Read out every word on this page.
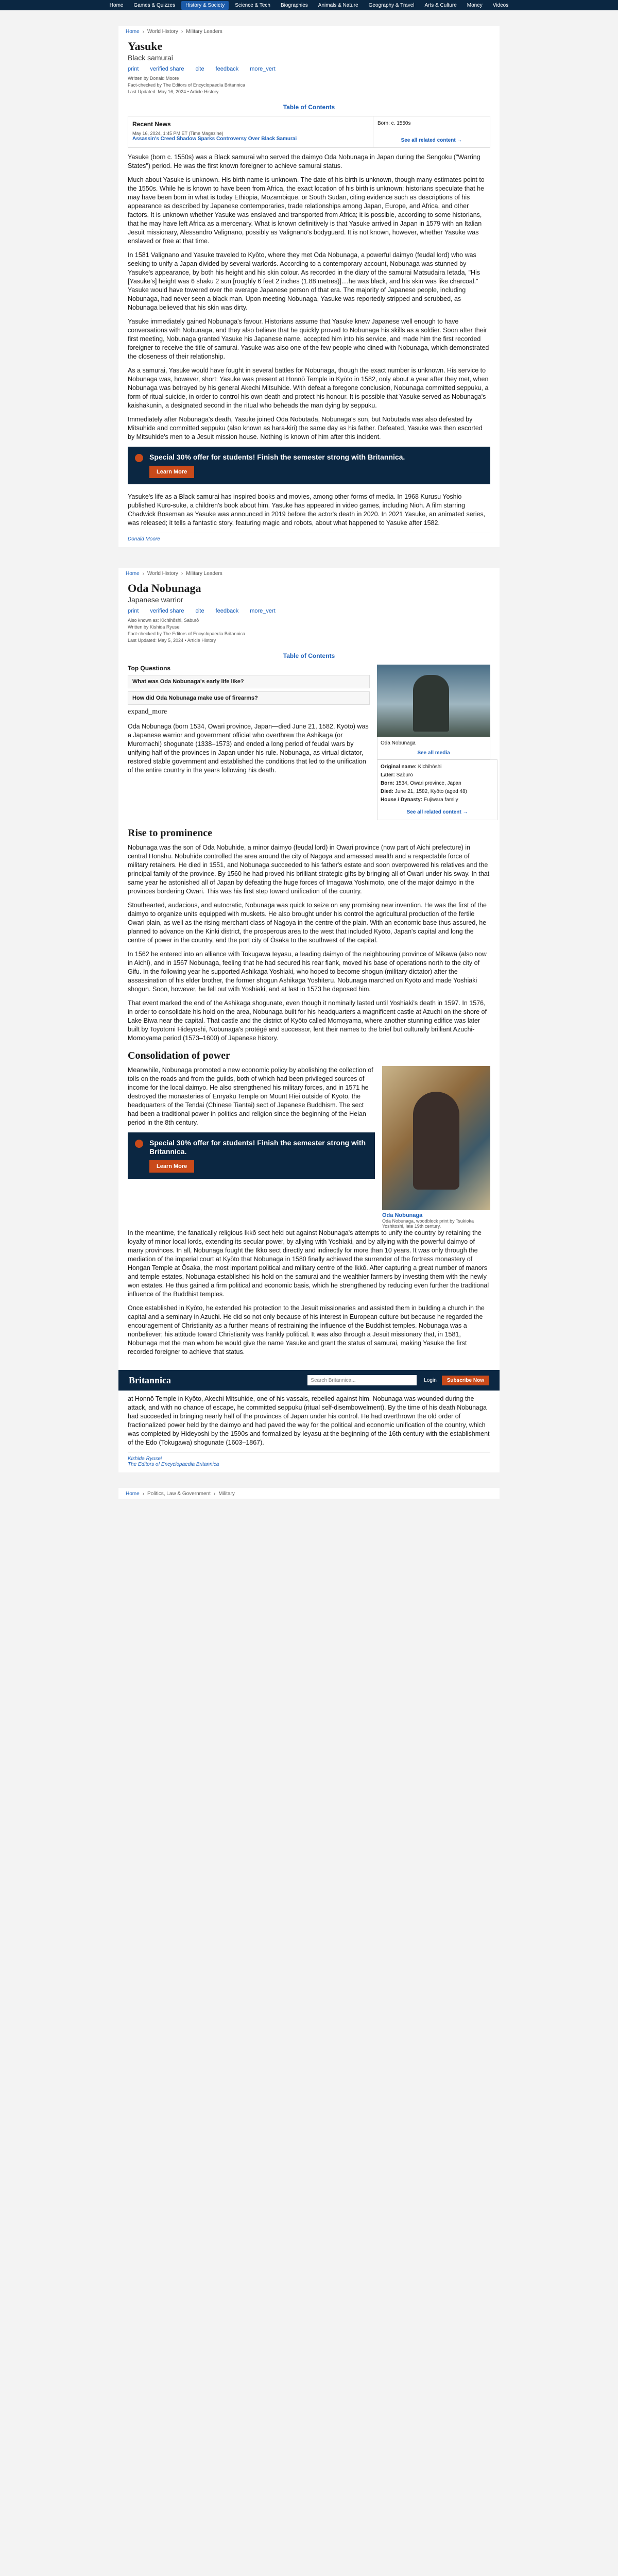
Home	Games & Quizzes	History & Society	Science & Tech	Biographies	Animals & Nature	Geography & Travel	Arts & Culture	Money	Videos
Home › World History › Military Leaders
Yasuke
Black samurai
print verified share cite feedback more_vert
Written by Donald Moore
Fact-checked by The Editors of Encyclopaedia Britannica
Last Updated: May 16, 2024 • Article History
Table of Contents
Recent News
May 16, 2024, 1:45 PM ET (Time Magazine)
Assassin's Creed Shadow Sparks Controversy Over Black Samurai
Born: c. 1550s
See all related content →

Yasuke (born c. 1550s) was a Black samurai who served the daimyo Oda Nobunaga in Japan during the Sengoku ("Warring States") period. He was the first known foreigner to achieve samurai status.

Much about Yasuke is unknown. His birth name is unknown. The date of his birth is unknown, though many estimates point to the 1550s. While he is known to have been from Africa, the exact location of his birth is unknown; historians speculate that he may have been born in what is today Ethiopia, Mozambique, or South Sudan, citing evidence such as descriptions of his appearance as described by Japanese contemporaries, trade relationships among Japan, Europe, and Africa, and other factors. It is unknown whether Yasuke was enslaved and transported from Africa; it is possible, according to some historians, that he may have left Africa as a mercenary. What is known definitively is that Yasuke arrived in Japan in 1579 with an Italian Jesuit missionary, Alessandro Valignano, possibly as Valignano's bodyguard. It is not known, however, whether Yasuke was enslaved or free at that time.

In 1581 Valignano and Yasuke traveled to Kyōto, where they met Oda Nobunaga, a powerful daimyo (feudal lord) who was seeking to unify a Japan divided by several warlords. According to a contemporary account, Nobunaga was stunned by Yasuke's appearance, by both his height and his skin colour. As recorded in the diary of the samurai Matsudaira Ietada, "His [Yasuke's] height was 6 shaku 2 sun [roughly 6 feet 2 inches (1.88 metres)]....he was black, and his skin was like charcoal." Yasuke would have towered over the average Japanese person of that era. The majority of Japanese people, including Nobunaga, had never seen a black man. Upon meeting Nobunaga, Yasuke was reportedly stripped and scrubbed, as Nobunaga believed that his skin was dirty.

Yasuke immediately gained Nobunaga's favour. Historians assume that Yasuke knew Japanese well enough to have conversations with Nobunaga, and they also believe that he quickly proved to Nobunaga his skills as a soldier. Soon after their first meeting, Nobunaga granted Yasuke his Japanese name, accepted him into his service, and made him the first recorded foreigner to receive the title of samurai. Yasuke was also one of the few people who dined with Nobunaga, which demonstrated the closeness of their relationship.

As a samurai, Yasuke would have fought in several battles for Nobunaga, though the exact number is unknown. His service to Nobunaga was, however, short: Yasuke was present at Honnō Temple in Kyōto in 1582, only about a year after they met, when Nobunaga was betrayed by his general Akechi Mitsuhide. With defeat a foregone conclusion, Nobunaga committed seppuku, a form of ritual suicide, in order to control his own death and protect his honour. It is possible that Yasuke served as Nobunaga's kaishakunin, a designated second in the ritual who beheads the man dying by seppuku.

Immediately after Nobunaga's death, Yasuke joined Oda Nobutada, Nobunaga's son, but Nobutada was also defeated by Mitsuhide and committed seppuku (also known as hara-kiri) the same day as his father. Defeated, Yasuke was then escorted by Mitsuhide's men to a Jesuit mission house. Nothing is known of him after this incident.

Special 30% offer for students! Finish the semester strong with Britannica.
Learn More

Yasuke's life as a Black samurai has inspired books and movies, among other forms of media. In 1968 Kurusu Yoshio published Kuro-suke, a children's book about him. Yasuke has appeared in video games, including Nioh. A film starring Chadwick Boseman as Yasuke was announced in 2019 before the actor's death in 2020. In 2021 Yasuke, an animated series, was released; it tells a fantastic story, featuring magic and robots, about what happened to Yasuke after 1582.

Donald Moore
Home › World History › Military Leaders
Oda Nobunaga
Japanese warrior
print verified share cite feedback more_vert
Also known as: Kichihōshi, Saburō
Written by Kishida Ryusei
Fact-checked by The Editors of Encyclopaedia Britannica
Last Updated: May 5, 2024 • Article History
Table of Contents
Top Questions
What was Oda Nobunaga's early life like?
How did Oda Nobunaga make use of firearms?
expand_more

Oda Nobunaga (born 1534, Owari province, Japan—died June 21, 1582, Kyōto) was a Japanese warrior and government official who overthrew the Ashikaga (or Muromachi) shogunate (1338–1573) and ended a long period of feudal wars by unifying half of the provinces in Japan under his rule. Nobunaga, as virtual dictator, restored stable government and established the conditions that led to the unification of the entire country in the years following his death.

Oda Nobunaga
See all media
Original name: Kichihōshi
Later: Saburō
Born: 1534, Owari province, Japan
Died: June 21, 1582, Kyōto (aged 48)
House / Dynasty: Fujiwara family
See all related content →
Rise to prominence

Nobunaga was the son of Oda Nobuhide, a minor daimyo (feudal lord) in Owari province (now part of Aichi prefecture) in central Honshu. Nobuhide controlled the area around the city of Nagoya and amassed wealth and a respectable force of military retainers. He died in 1551, and Nobunaga succeeded to his father's estate and soon overpowered his relatives and the principal family of the province. By 1560 he had proved his brilliant strategic gifts by bringing all of Owari under his sway. In that same year he astonished all of Japan by defeating the huge forces of Imagawa Yoshimoto, one of the major daimyo in the provinces bordering Owari. This was his first step toward unification of the country.

Stouthearted, audacious, and autocratic, Nobunaga was quick to seize on any promising new invention. He was the first of the daimyo to organize units equipped with muskets. He also brought under his control the agricultural production of the fertile Owari plain, as well as the rising merchant class of Nagoya in the centre of the plain. With an economic base thus assured, he planned to advance on the Kinki district, the prosperous area to the west that included Kyōto, Japan's capital and long the centre of power in the country, and the port city of Ōsaka to the southwest of the capital.

In 1562 he entered into an alliance with Tokugawa Ieyasu, a leading daimyo of the neighbouring province of Mikawa (also now in Aichi), and in 1567 Nobunaga, feeling that he had secured his rear flank, moved his base of operations north to the city of Gifu. In the following year he supported Ashikaga Yoshiaki, who hoped to become shogun (military dictator) after the assassination of his elder brother, the former shogun Ashikaga Yoshiteru. Nobunaga marched on Kyōto and made Yoshiaki shogun. Soon, however, he fell out with Yoshiaki, and at last in 1573 he deposed him.

That event marked the end of the Ashikaga shogunate, even though it nominally lasted until Yoshiaki's death in 1597. In 1576, in order to consolidate his hold on the area, Nobunaga built for his headquarters a magnificent castle at Azuchi on the shore of Lake Biwa near the capital. That castle and the district of Kyōto called Momoyama, where another stunning edifice was later built by Toyotomi Hideyoshi, Nobunaga's protégé and successor, lent their names to the brief but culturally brilliant Azuchi-Momoyama period (1573–1600) of Japanese history.

Consolidation of power

Meanwhile, Nobunaga promoted a new economic policy by abolishing the collection of tolls on the roads and from the guilds, both of which had been privileged sources of income for the local daimyo. He also strengthened his military forces, and in 1571 he destroyed the monasteries of Enryaku Temple on Mount Hiei outside of Kyōto, the headquarters of the Tendai (Chinese Tiantai) sect of Japanese Buddhism. The sect had been a traditional power in politics and religion since the beginning of the Heian period in the 8th century.

Special 30% offer for students! Finish the semester strong with Britannica.
Learn More
Oda Nobunaga
Oda Nobunaga, woodblock print by Tsukioka Yoshitoshi, late 19th century.

In the meantime, the fanatically religious Ikkō sect held out against Nobunaga's attempts to unify the country by retaining the loyalty of minor local lords, extending its secular power, by allying with Yoshiaki, and by allying with the powerful daimyo of many provinces. In all, Nobunaga fought the Ikkō sect directly and indirectly for more than 10 years. It was only through the mediation of the imperial court at Kyōto that Nobunaga in 1580 finally achieved the surrender of the fortress monastery of Hongan Temple at Ōsaka, the most important political and military centre of the Ikkō. After capturing a great number of manors and temple estates, Nobunaga established his hold on the samurai and the wealthier farmers by investing them with the newly won estates. He thus gained a firm political and economic basis, which he strengthened by reducing even further the traditional influence of the Buddhist temples.

Once established in Kyōto, he extended his protection to the Jesuit missionaries and assisted them in building a church in the capital and a seminary in Azuchi. He did so not only because of his interest in European culture but because he regarded the encouragement of Christianity as a further means of restraining the influence of the Buddhist temples. Nobunaga was a nonbeliever; his attitude toward Christianity was frankly political. It was also through a Jesuit missionary that, in 1581, Nobunaga met the man whom he would give the name Yasuke and grant the status of samurai, making Yasuke the first recorded foreigner to achieve that status.

Britannica	Search Britannica...	Login	Subscribe Now

at Honnō Temple in Kyōto, Akechi Mitsuhide, one of his vassals, rebelled against him. Nobunaga was wounded during the attack, and with no chance of escape, he committed seppuku (ritual self-disembowelment). By the time of his death Nobunaga had succeeded in bringing nearly half of the provinces of Japan under his control. He had overthrown the old order of fractionalized power held by the daimyo and had paved the way for the political and economic unification of the country, which was completed by Hideyoshi by the 1590s and formalized by Ieyasu at the beginning of the 16th century with the establishment of the Edo (Tokugawa) shogunate (1603–1867).

Kishida Ryusei
The Editors of Encyclopaedia Britannica
Home › Politics, Law & Government › Military
